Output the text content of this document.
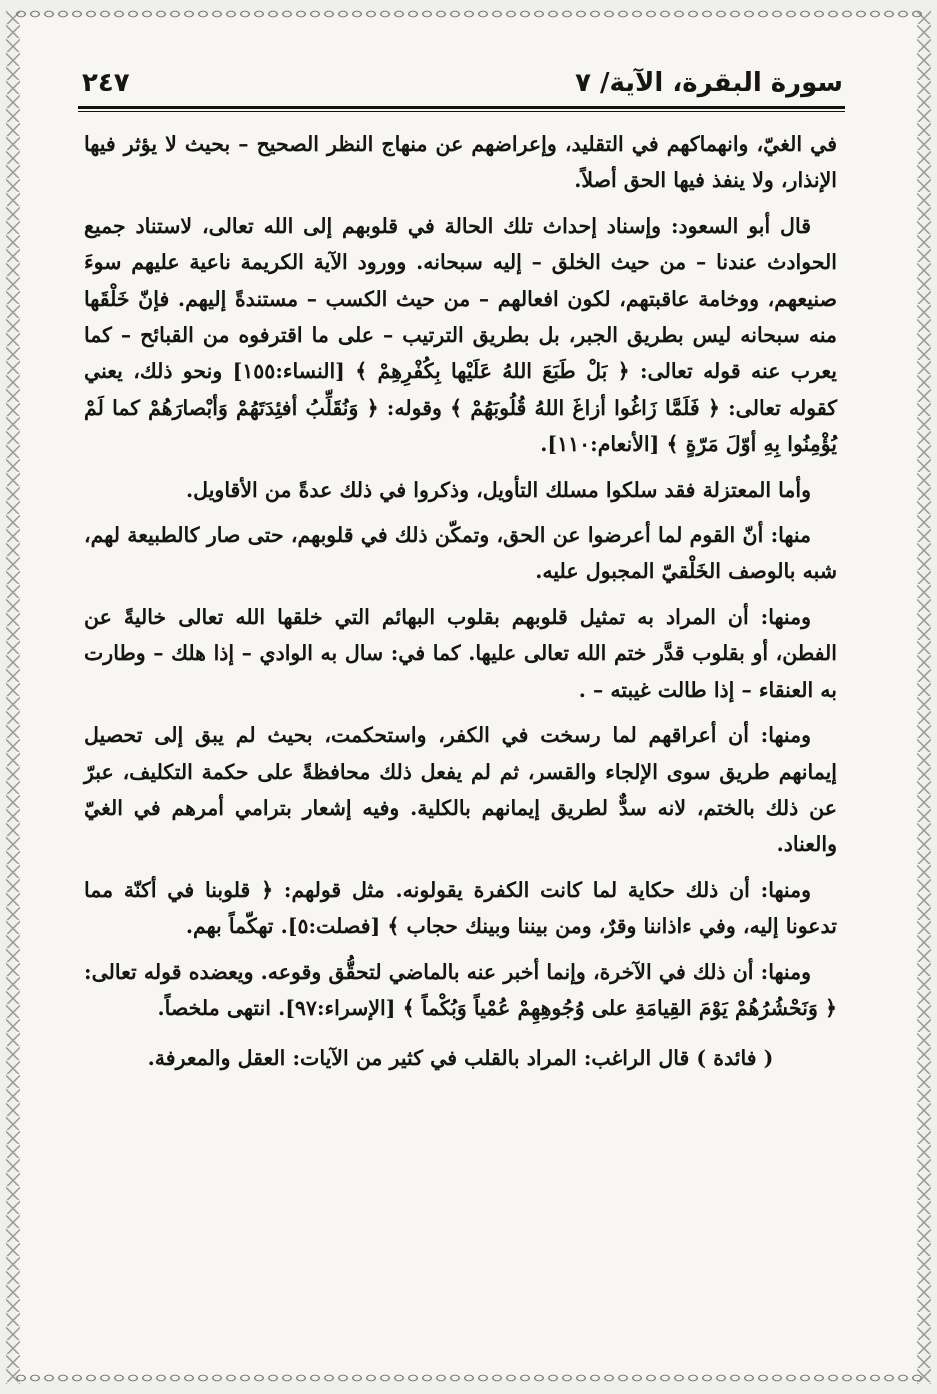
سورة البقرة، الآية/ ٧
٢٤٧

في الغيّ، وانهماكهم في التقليد، وإعراضهم عن منهاج النظر الصحيح – بحيث لا يؤثر فيها الإنذار، ولا ينفذ فيها الحق أصلاً.

قال أبو السعود: وإسناد إحداث تلك الحالة في قلوبهم إلى الله تعالى، لاستناد جميع الحوادث عندنا – من حيث الخلق – إليه سبحانه. وورود الآية الكريمة ناعية عليهم سوءَ صنيعهم، ووخامة عاقبتهم، لكون افعالهم – من حيث الكسب – مستندةً إليهم. فإنّ خَلْقَها منه سبحانه ليس بطريق الجبر، بل بطريق الترتيب – على ما اقترفوه من القبائح – كما يعرب عنه قوله تعالى: ﴿ بَلْ طَبَعَ اللهُ عَلَيْها بِكُفْرِهِمْ ﴾ [النساء:١٥٥] ونحو ذلك، يعني كقوله تعالى: ﴿ فَلَمَّا زَاغُوا أزاغَ اللهُ قُلُوبَهُمْ ﴾ وقوله: ﴿ وَنُقَلِّبُ أفئِدَتَهُمْ وَأبْصارَهُمْ كما لَمْ يُؤْمِنُوا بِهِ أوّلَ مَرّةٍ ﴾ [الأنعام:١١٠].

وأما المعتزلة فقد سلكوا مسلك التأويل، وذكروا في ذلك عدةً من الأقاويل.

منها: أنّ القوم لما أعرضوا عن الحق، وتمكّن ذلك في قلوبهم، حتى صار كالطبيعة لهم، شبه بالوصف الخَلْقيّ المجبول عليه.

ومنها: أن المراد به تمثيل قلوبهم بقلوب البهائم التي خلقها الله تعالى خاليةً عن الفطن، أو بقلوب قدَّر ختم الله تعالى عليها. كما في: سال به الوادي – إذا هلك – وطارت به العنقاء – إذا طالت غيبته – .

ومنها: أن أعراقهم لما رسخت في الكفر، واستحكمت، بحيث لم يبق إلى تحصيل إيمانهم طريق سوى الإلجاء والقسر، ثم لم يفعل ذلك محافظةً على حكمة التكليف، عبرّ عن ذلك بالختم، لانه سدٌّ لطريق إيمانهم بالكلية. وفيه إشعار بترامي أمرهم في الغيّ والعناد.

ومنها: أن ذلك حكاية لما كانت الكفرة يقولونه. مثل قولهم: ﴿ قلوبنا في أكنّة مما تدعونا إليه، وفي ءاذاننا وقرٌ، ومن بيننا وبينك حجاب ﴾ [فصلت:٥]. تهكّماً بهم.

ومنها: أن ذلك في الآخرة، وإنما أخبر عنه بالماضي لتحقُّق وقوعه. ويعضده قوله تعالى: ﴿ وَنَحْشُرُهُمْ يَوْمَ القِيامَةِ على وُجُوهِهِمْ عُمْياً وَبُكْماً ﴾ [الإسراء:٩٧]. انتهى ملخصاً.

( فائدة ) قال الراغب: المراد بالقلب في كثير من الآيات: العقل والمعرفة.
